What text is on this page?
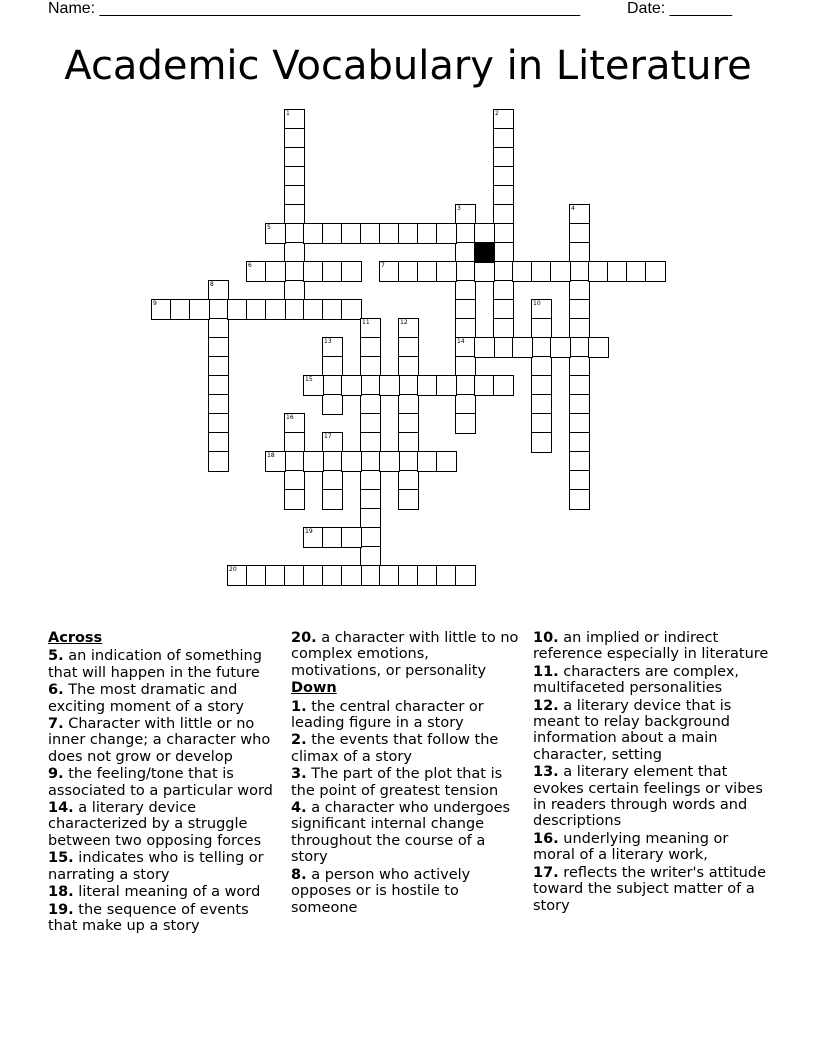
Name: ______________________________________________________	Date: _______
Academic Vocabulary in Literature
1	2
3	4
5
6	7
8
9	10
11	12
13	14
15
16
17
18
19
20
Across
5. an indication of something that will happen in the future
6. The most dramatic and exciting moment of a story
7. Character with little or no inner change; a character who does not grow or develop
9. the feeling/tone that is associated to a particular word
14. a literary device characterized by a struggle between two opposing forces
15. indicates who is telling or narrating a story
18. literal meaning of a word
19. the sequence of events that make up a story
20. a character with little to no complex emotions, motivations, or personality
Down
1. the central character or leading figure in a story
2. the events that follow the climax of a story
3. The part of the plot that is the point of greatest tension
4. a character who undergoes significant internal change throughout the course of a story
8. a person who actively opposes or is hostile to someone
10. an implied or indirect reference especially in literature
11. characters are complex, multifaceted personalities
12. a literary device that is meant to relay background information about a main character, setting
13. a literary element that evokes certain feelings or vibes in readers through words and descriptions
16. underlying meaning or moral of a literary work,
17. reflects the writer's attitude toward the subject matter of a story
